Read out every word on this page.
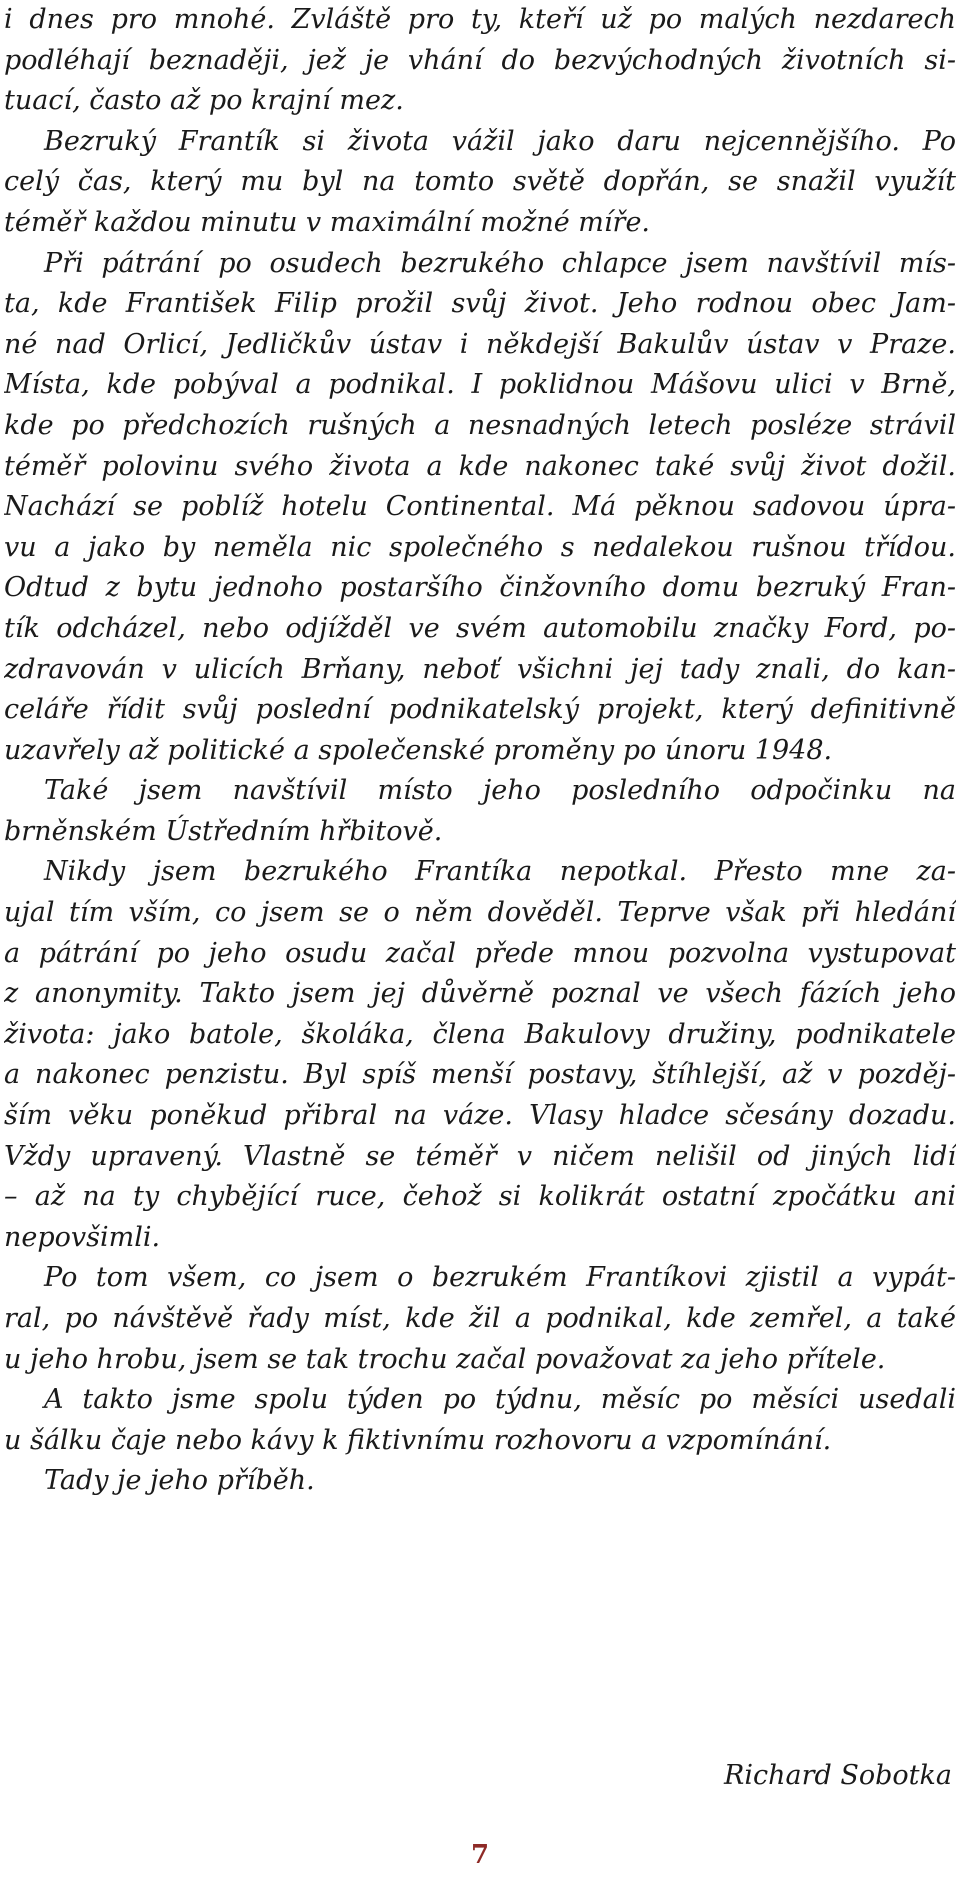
i dnes pro mnohé. Zvláště pro ty, kteří už po malých nezdarech
podléhají beznaději, jež je vhání do bezvýchodných životních si-
tuací, často až po krajní mez.
Bezruký Frantík si života vážil jako daru nejcennějšího. Po
celý čas, který mu byl na tomto světě dopřán, se snažil využít
téměř každou minutu v maximální možné míře.
Při pátrání po osudech bezrukého chlapce jsem navštívil mís-
ta, kde František Filip prožil svůj život. Jeho rodnou obec Jam-
né nad Orlicí, Jedličkův ústav i někdejší Bakulův ústav v Praze.
Místa, kde pobýval a podnikal. I poklidnou Mášovu ulici v Brně,
kde po předchozích rušných a nesnadných letech posléze strávil
téměř polovinu svého života a kde nakonec také svůj život dožil.
Nachází se poblíž hotelu Continental. Má pěknou sadovou úpra-
vu a jako by neměla nic společného s nedalekou rušnou třídou.
Odtud z bytu jednoho postaršího činžovního domu bezruký Fran-
tík odcházel, nebo odjížděl ve svém automobilu značky Ford, po-
zdravován v ulicích Brňany, neboť všichni jej tady znali, do kan-
celáře řídit svůj poslední podnikatelský projekt, který definitivně
uzavřely až politické a společenské proměny po únoru 1948.
Také jsem navštívil místo jeho posledního odpočinku na
brněnském Ústředním hřbitově.
Nikdy jsem bezrukého Frantíka nepotkal. Přesto mne za-
ujal tím vším, co jsem se o něm dověděl. Teprve však při hledání
a pátrání po jeho osudu začal přede mnou pozvolna vystupovat
z anonymity. Takto jsem jej důvěrně poznal ve všech fázích jeho
života: jako batole, školáka, člena Bakulovy družiny, podnikatele
a nakonec penzistu. Byl spíš menší postavy, štíhlejší, až v pozděj-
ším věku poněkud přibral na váze. Vlasy hladce sčesány dozadu.
Vždy upravený. Vlastně se téměř v ničem nelišil od jiných lidí
– až na ty chybějící ruce, čehož si kolikrát ostatní zpočátku ani
nepovšimli.
Po tom všem, co jsem o bezrukém Frantíkovi zjistil a vypát-
ral, po návštěvě řady míst, kde žil a podnikal, kde zemřel, a také
u jeho hrobu, jsem se tak trochu začal považovat za jeho přítele.
A takto jsme spolu týden po týdnu, měsíc po měsíci usedali
u šálku čaje nebo kávy k fiktivnímu rozhovoru a vzpomínání.
Tady je jeho příběh.
Richard Sobotka
7
